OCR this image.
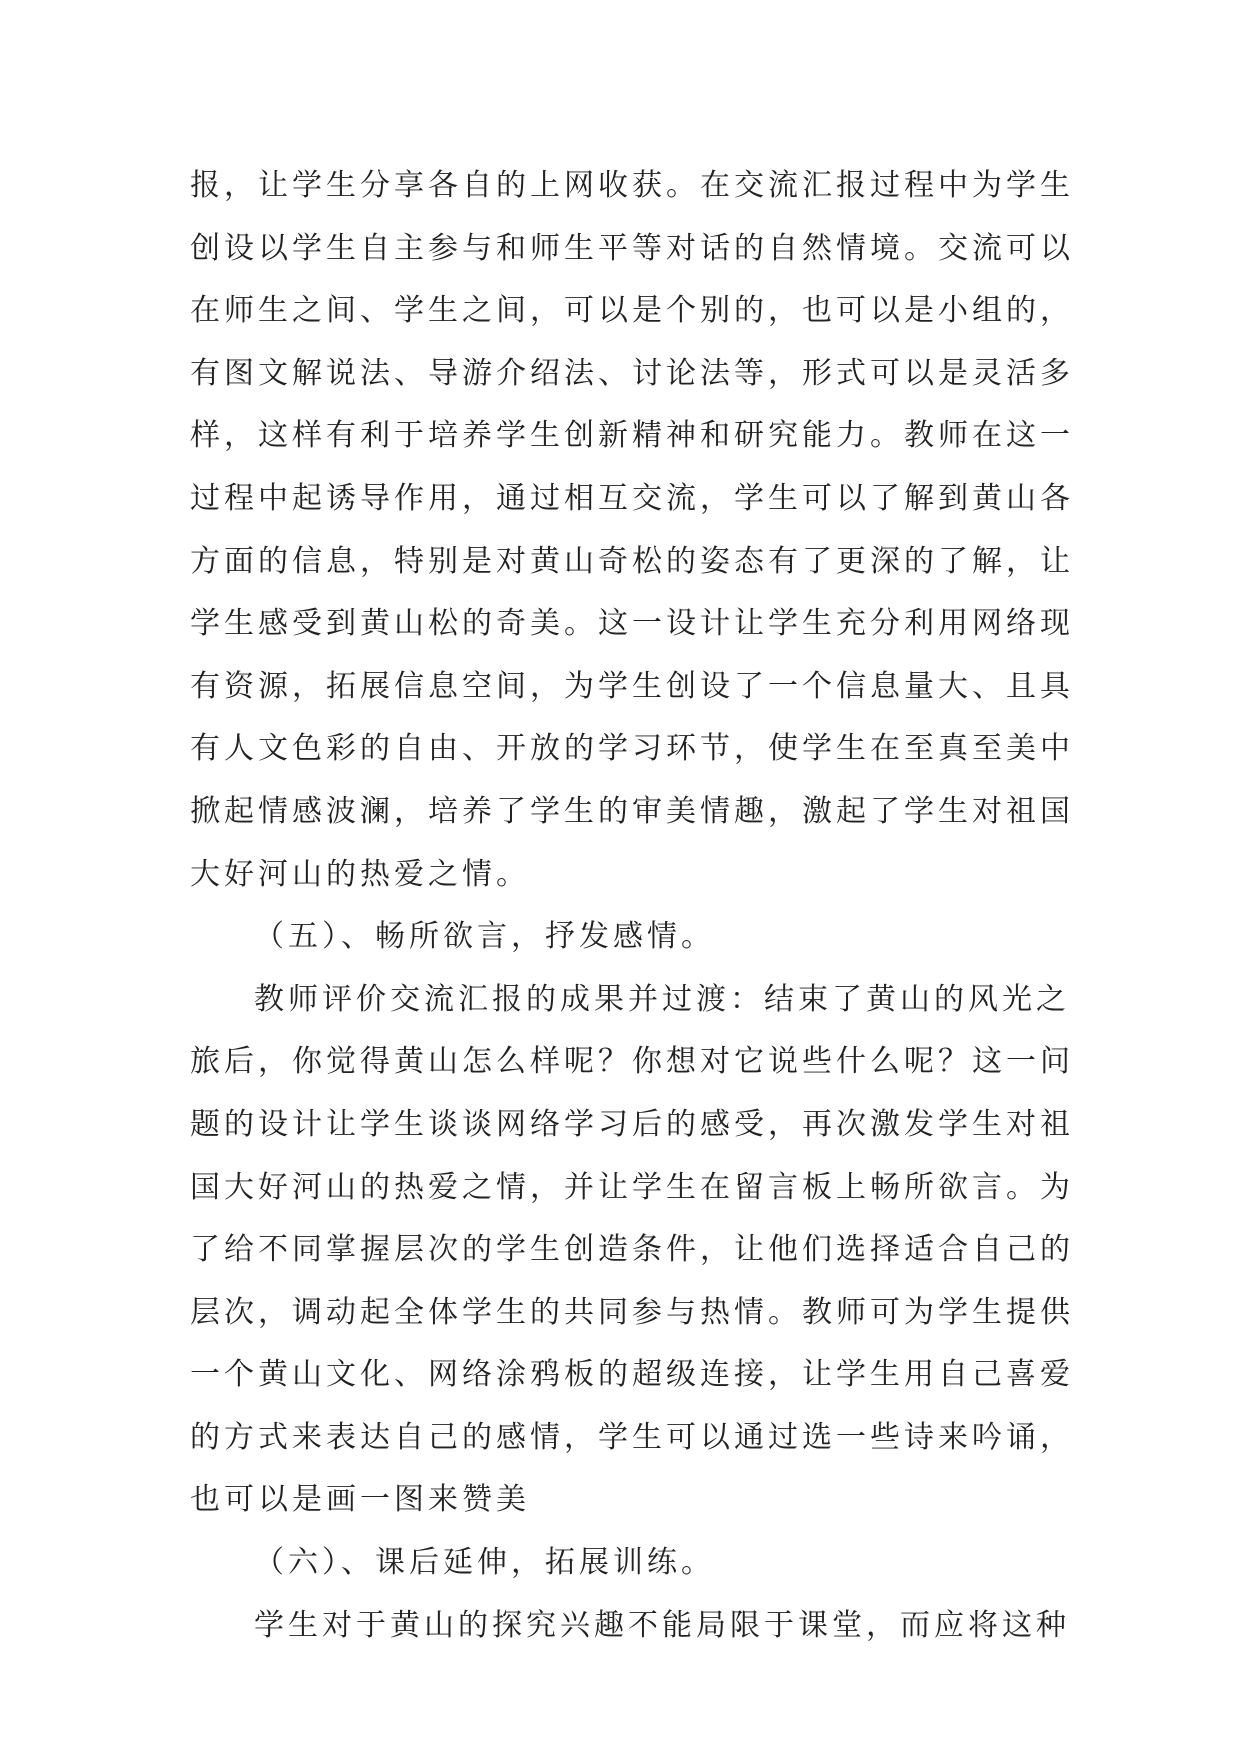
报，让学生分享各自的上网收获。在交流汇报过程中为学生
创设以学生自主参与和师生平等对话的自然情境。交流可以
在师生之间、学生之间，可以是个别的，也可以是小组的，
有图文解说法、导游介绍法、讨论法等，形式可以是灵活多
样，这样有利于培养学生创新精神和研究能力。教师在这一
过程中起诱导作用，通过相互交流，学生可以了解到黄山各
方面的信息，特别是对黄山奇松的姿态有了更深的了解，让
学生感受到黄山松的奇美。这一设计让学生充分利用网络现
有资源，拓展信息空间，为学生创设了一个信息量大、且具
有人文色彩的自由、开放的学习环节，使学生在至真至美中
掀起情感波澜，培养了学生的审美情趣，激起了学生对祖国
大好河山的热爱之情。
（五）、畅所欲言，抒发感情。
教师评价交流汇报的成果并过渡：结束了黄山的风光之
旅后，你觉得黄山怎么样呢？你想对它说些什么呢？这一问
题的设计让学生谈谈网络学习后的感受，再次激发学生对祖
国大好河山的热爱之情，并让学生在留言板上畅所欲言。为
了给不同掌握层次的学生创造条件，让他们选择适合自己的
层次，调动起全体学生的共同参与热情。教师可为学生提供
一个黄山文化、网络涂鸦板的超级连接，让学生用自己喜爱
的方式来表达自己的感情，学生可以通过选一些诗来吟诵，
也可以是画一图来赞美
（六）、课后延伸，拓展训练。
学生对于黄山的探究兴趣不能局限于课堂，而应将这种
